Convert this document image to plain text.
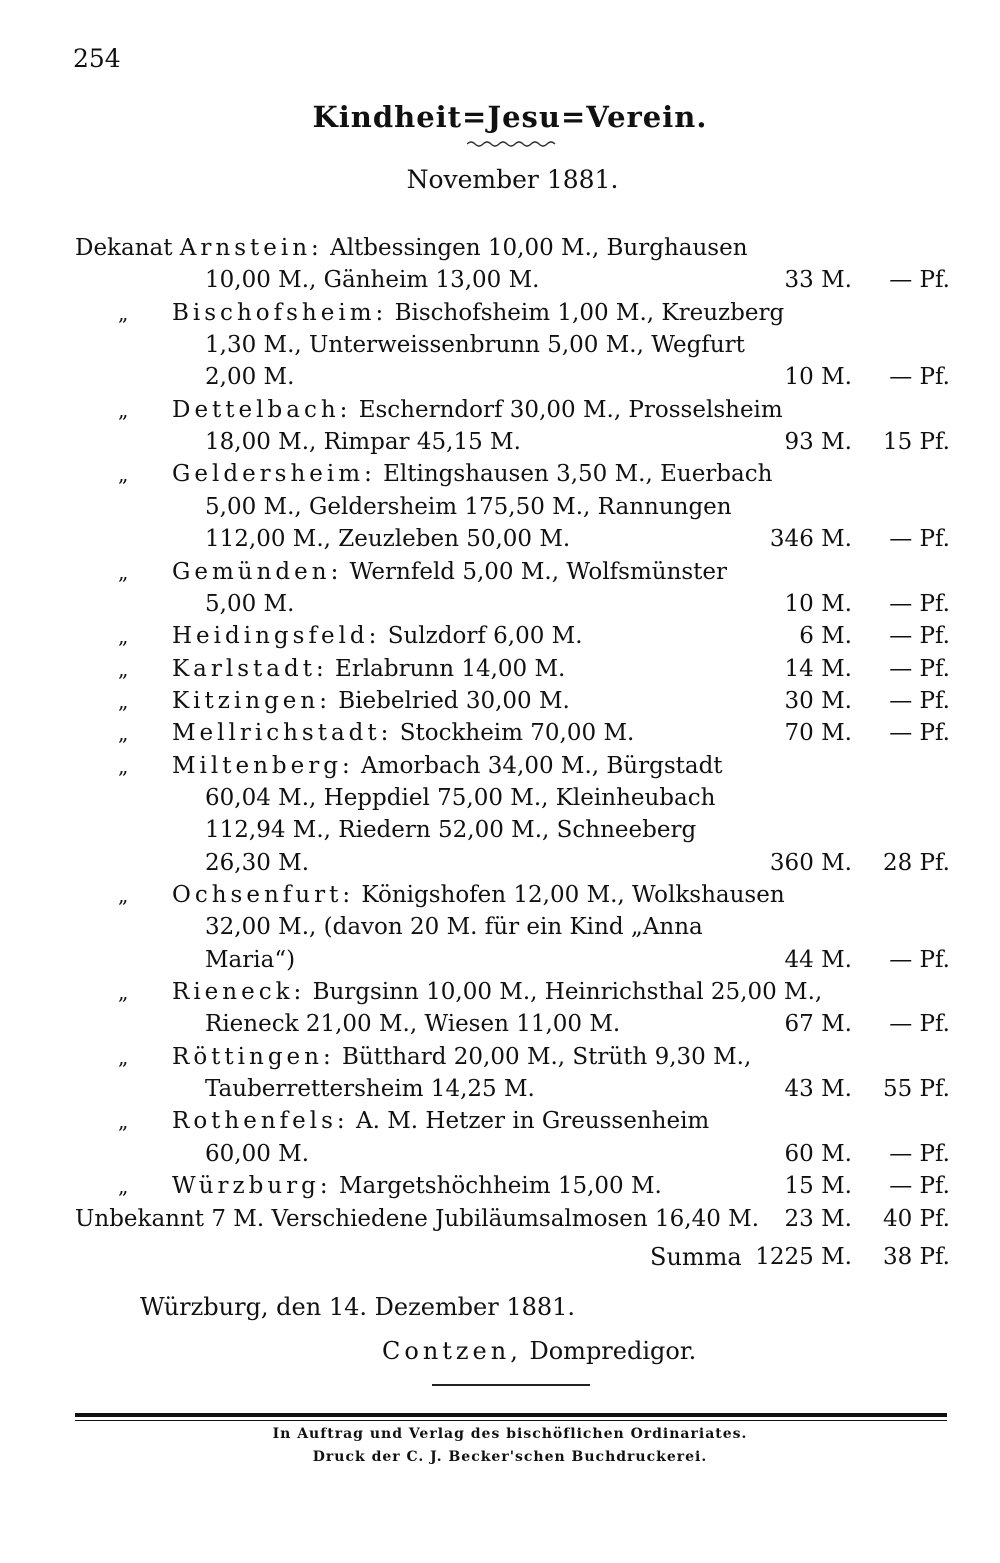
254
Kindheit=Jesu=Verein.
November 1881.
Dekanat Arnstein: Altbessingen 10,00 M., Burghausen
10,00 M., Gänheim 13,00 M.	33 M. — Pf.
„ Bischofsheim: Bischofsheim 1,00 M., Kreuzberg
1,30 M., Unterweissenbrunn 5,00 M., Wegfurt
2,00 M.	10 M. — Pf.
„ Dettelbach: Escherndorf 30,00 M., Prosselsheim
18,00 M., Rimpar 45,15 M.	93 M. 15 Pf.
„ Geldersheim: Eltingshausen 3,50 M., Euerbach
5,00 M., Geldersheim 175,50 M., Rannungen
112,00 M., Zeuzleben 50,00 M.	346 M. — Pf.
„ Gemünden: Wernfeld 5,00 M., Wolfsmünster
5,00 M.	10 M. — Pf.
„ Heidingsfeld: Sulzdorf 6,00 M.	6 M. — Pf.
„ Karlstadt: Erlabrunn 14,00 M.	14 M. — Pf.
„ Kitzingen: Biebelried 30,00 M.	30 M. — Pf.
„ Mellrichstadt: Stockheim 70,00 M.	70 M. — Pf.
„ Miltenberg: Amorbach 34,00 M., Bürgstadt
60,04 M., Heppdiel 75,00 M., Kleinheubach
112,94 M., Riedern 52,00 M., Schneeberg
26,30 M.	360 M. 28 Pf.
„ Ochsenfurt: Königshofen 12,00 M., Wolkshausen
32,00 M., (davon 20 M. für ein Kind „Anna
Maria“)	44 M. — Pf.
„ Rieneck: Burgsinn 10,00 M., Heinrichsthal 25,00 M.,
Rieneck 21,00 M., Wiesen 11,00 M.	67 M. — Pf.
„ Röttingen: Bütthard 20,00 M., Strüth 9,30 M.,
Tauberrettersheim 14,25 M.	43 M. 55 Pf.
„ Rothenfels: A. M. Hetzer in Greussenheim
60,00 M.	60 M. — Pf.
„ Würzburg: Margetshöchheim 15,00 M.	15 M. — Pf.
Unbekannt 7 M. Verschiedene Jubiläumsalmosen 16,40 M. 23 M. 40 Pf.
Summa 1225 M. 38 Pf.
Würzburg, den 14. Dezember 1881.
Contzen, Dompredigor.
In Auftrag und Verlag des bischöflichen Ordinariates.
Druck der C. J. Becker'schen Buchdruckerei.
